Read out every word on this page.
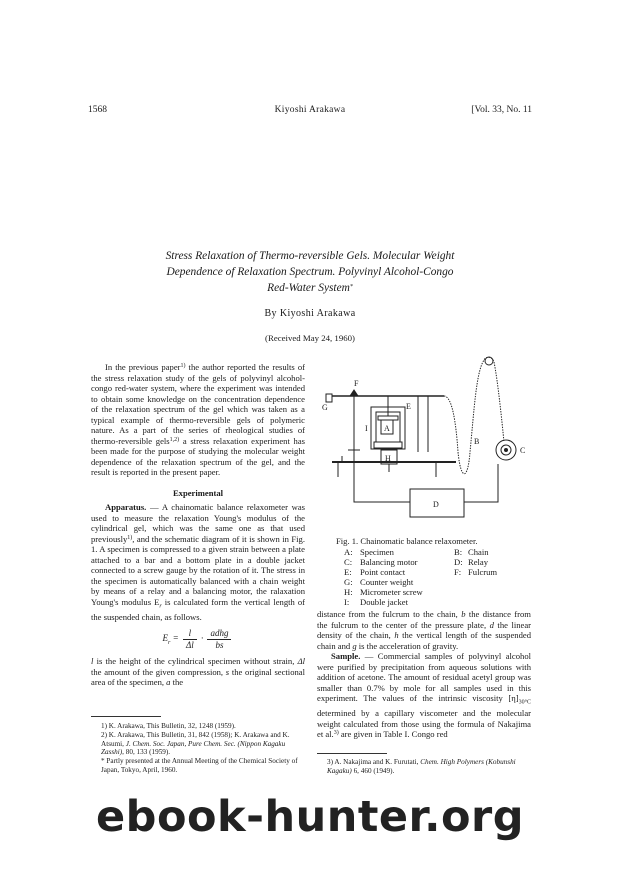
1568	Kiyoshi Arakawa	[Vol. 33, No. 11
Stress Relaxation of Thermo-reversible Gels. Molecular Weight
Dependence of Relaxation Spectrum. Polyvinyl Alcohol-Congo
Red-Water System*
By Kiyoshi Arakawa
(Received May 24, 1960)

In the previous paper$^{1)}$ the author reported the results of the stress relaxation study of the gels of polyvinyl alcohol-congo red-water system, where the experiment was intended to obtain some knowledge on the concentration dependence of the relaxation spectrum of the gel which was taken as a typical example of thermo-reversible gels of polymeric nature. As a part of the series of rheological studies of thermo-reversible gels$^{1,2)}$ a stress relaxation experiment has been made for the purpose of studying the molecular weight dependence of the relaxation spectrum of the gel, and the result is reported in the present paper.

Experimental

Apparatus. — A chainomatic balance relaxometer was used to measure the relaxation Young's modulus of the cylindrical gel, which was the same one as that used previously$^{1)}$, and the schematic diagram of it is shown in Fig. 1. A specimen is compressed to a given strain between a plate attached to a bar and a bottom plate in a double jacket connected to a screw gauge by the rotation of it. The stress in the specimen is automatically balanced with a chain weight by means of a relay and a balancing motor, the ralaxation Young's modulus $E_r$ is calculated form the vertical length of the suspended chain, as follows.

$E_r = \frac{l}{\Delta l} \cdot \frac{\text{adhg}}{bs}$

l is the height of the cylindrical specimen without strain, Δl the amount of the given compression, s the original sectional area of the specimen, a the

1) K. Arakawa, This Bulletin, 32, 1248 (1959).

2) K. Arakawa, This Bulletin, 31, 842 (1958); K. Arakawa and K. Atsumi, J. Chem. Soc. Japan, Pure Chem. Sec. (Nippon Kagaku Zasshi), 80, 133 (1959).

* Partly presented at the Annual Meeting of the Chemical Society of Japan, Tokyo, April, 1960.

F
G	E
A
H
I
B
C
D
Fig. 1. Chainomatic balance relaxometer.
A:	Specimen	B:	Chain
C:	Balancing motor	D:	Relay
E:	Point contact	F:	Fulcrum
G:	Counter weight		
H:	Micrometer screw		
I:	Double jacket		

distance from the fulcrum to the chain, b the distance from the fulcrum to the center of the pressure plate, d the linear density of the chain, h the vertical length of the suspended chain and g is the acceleration of gravity.

Sample. — Commercial samples of polyvinyl alcohol were purified by precipitation from aqueous solutions with addition of acetone. The amount of residual acetyl group was smaller than 0.7% by mole for all samples used in this experiment. The values of the intrinsic viscosity $[\eta]_{30^\circ C}$ determined by a capillary viscometer and the molecular weight calculated from those using the formula of Nakajima et al.$^{3)}$ are given in Table I. Congo red

3) A. Nakajima and K. Furutati, Chem. High Polymers (Kobunshi Kagaku) 6, 460 (1949).

ebook-hunter.org
